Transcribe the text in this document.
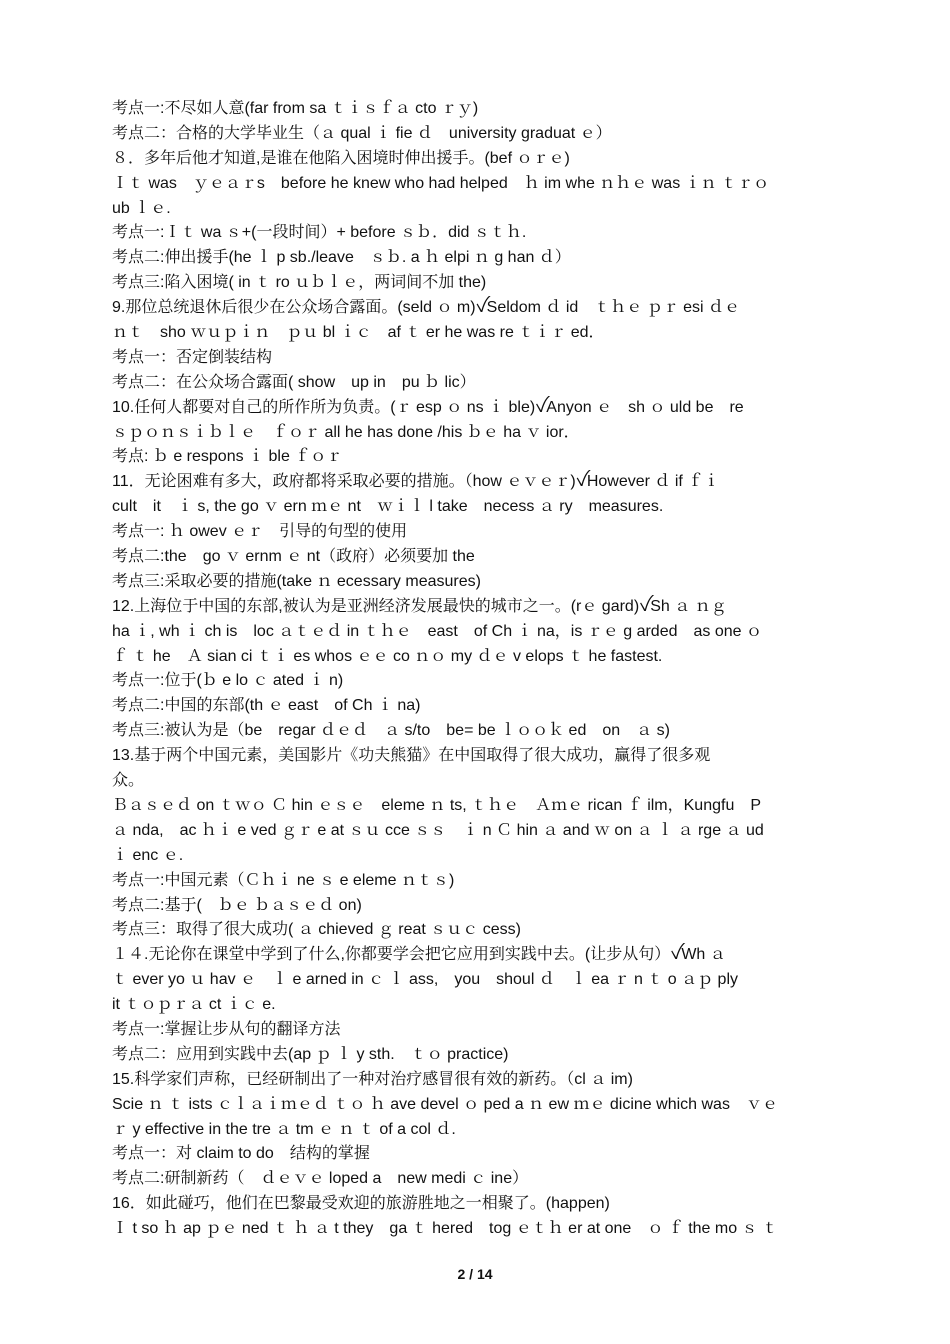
考点一:不尽如人意(far from sa ｔｉｓｆａ cto ｒｙ)
考点二：合格的大学毕业生（ａ qual ｉ fie ｄ　university graduat ｅ）
８．多年后他才知道,是谁在他陷入困境时伸出援手。(bef ｏｒｅ)
Ｉｔ was　ｙｅａｒs　before he knew who had helped　ｈ im whe ｎｈｅ was ｉｎ ｔｒｏ
ub ｌｅ.
考点一:Ｉｔ wa ｓ+(一段时间）+ before ｓｂ．did ｓｔｈ.
考点二:伸出援手(he ｌ p sb./leave　ｓｂ. a ｈ elpi ｎ g han ｄ）
考点三:陷入困境( in ｔ ro ｕｂｌｅ，两词间不加 the)
9.那位总统退休后很少在公众场合露面。(seld ｏ m)ꪜSeldom ｄ id　ｔｈｅ ｐｒ esi ｄｅ
ｎｔ　sho ｗｕｐｉｎ　ｐｕ bl ｉｃ　af ｔ er he was re ｔｉｒ ed．
考点一：否定倒装结构
考点二：在公众场合露面( show　up in　pu ｂ lic）
10.任何人都要对自己的所作所为负责。(ｒ esp ｏ ns ｉ ble)ꪜAnyon ｅ　sh ｏ uld be　re
ｓｐｏｎｓｉｂｌｅ　ｆｏｒ all he has done /his ｂｅ ha ｖ ior．
考点: ｂ e respons ｉ ble ｆｏｒ
11．无论困难有多大，政府都将采取必要的措施。（how ｅｖｅｒ)ꪜHowever ｄ if ｆｉ
cult　it　ｉ s, the go ｖ ern ｍｅ nt　ｗｉｌ l take　necess ａ ry　measures.
考点一: ｈ owev ｅｒ　引导的句型的使用
考点二:the　go ｖ ernm ｅ nt（政府）必须要加 the
考点三:采取必要的措施(take ｎ ecessary measures)
12.上海位于中国的东部,被认为是亚洲经济发展最快的城市之一。(rｅ gard)ꪜSh ａ ｎｇ
ha ｉ, wh ｉ ch is　loc ａｔｅｄ in ｔｈｅ　east　of Ch ｉ na，is ｒｅ g arded　as one ｏ
ｆ ｔ he　Ａ sian ci ｔｉ es whos ｅｅ co ｎｏ my ｄｅ v elops ｔ he fastest.
考点一:位于(ｂ e lo ｃ ated ｉ n)
考点二:中国的东部(th ｅ east　of Ch ｉ na)
考点三:被认为是（be　regar ｄｅｄ　ａ s/to　be= be ｌｏｏｋ ed　on　ａ s)
13.基于两个中国元素，美国影片《功夫熊猫》在中国取得了很大成功，赢得了很多观
众。
Ｂａｓｅｄ on ｔｗｏ Ｃ hin ｅｓｅ　eleme ｎ ts, ｔｈｅ　Ａｍｅ rican ｆ ilm，Kungfu　P
ａ nda,　ac ｈｉ e ved ｇｒ e at ｓｕ cce ｓｓ　ｉ n Ｃ hin ａ and ｗ on ａ ｌ ａ rge ａ ud
ｉ enc ｅ.
考点一:中国元素（Ｃｈｉ ne ｓ e eleme ｎｔｓ)
考点二:基于(　ｂｅ ｂａｓｅｄ on)
考点三：取得了很大成功( ａ chieved ｇ reat ｓｕｃ cess)
１４.无论你在课堂中学到了什么,你都要学会把它应用到实践中去。(让步从句）ꪜWh ａ
ｔ ever yo ｕ hav ｅ　ｌ e arned in ｃ ｌ ass,　you　shoul ｄ　ｌ ea ｒ n ｔ o ａｐ ply
it ｔｏｐｒａ ct ｉｃ e.
考点一:掌握让步从句的翻译方法
考点二：应用到实践中去(ap ｐ ｌ y sth.　ｔｏ practice)
15.科学家们声称，已经研制出了一种对治疗感冒很有效的新药。（cl ａ im)
Scie ｎ ｔ ists ｃｌａｉｍｅｄ ｔｏ ｈ ave devel ｏ ped a ｎ ew ｍｅ dicine which was　ｖｅ
ｒ y effective in the tre ａ tm ｅ ｎ ｔ of a col ｄ.
考点一：对 claim to do　结构的掌握
考点二:研制新药（　ｄｅｖｅ loped a　new medi ｃ ine）
16．如此碰巧，他们在巴黎最受欢迎的旅游胜地之一相聚了。(happen)
Ｉ t so ｈ ap ｐｅ ned ｔ ｈ ａ t they　ga ｔ hered　tog ｅｔｈ er at one　ｏ ｆ the mo ｓ ｔ
2 / 14
